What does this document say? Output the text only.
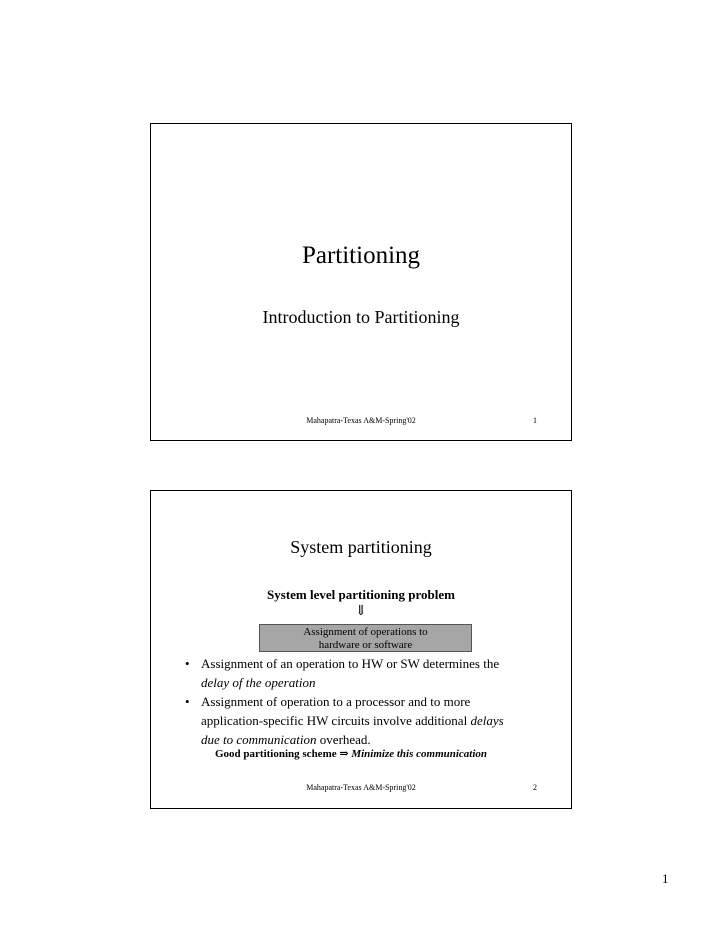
Partitioning
Introduction to Partitioning
Mahapatra-Texas A&M-Spring'02	1
System partitioning
System level partitioning problem
⇓
Assignment of operations to
hardware or software
• Assignment of an operation to HW or SW determines the
delay of the operation
• Assignment of operation to a processor and to more
application-specific HW circuits involve additional delays
due to communication overhead.
Good partitioning scheme ⇒ Minimize this communication
Mahapatra-Texas A&M-Spring'02	2
1
